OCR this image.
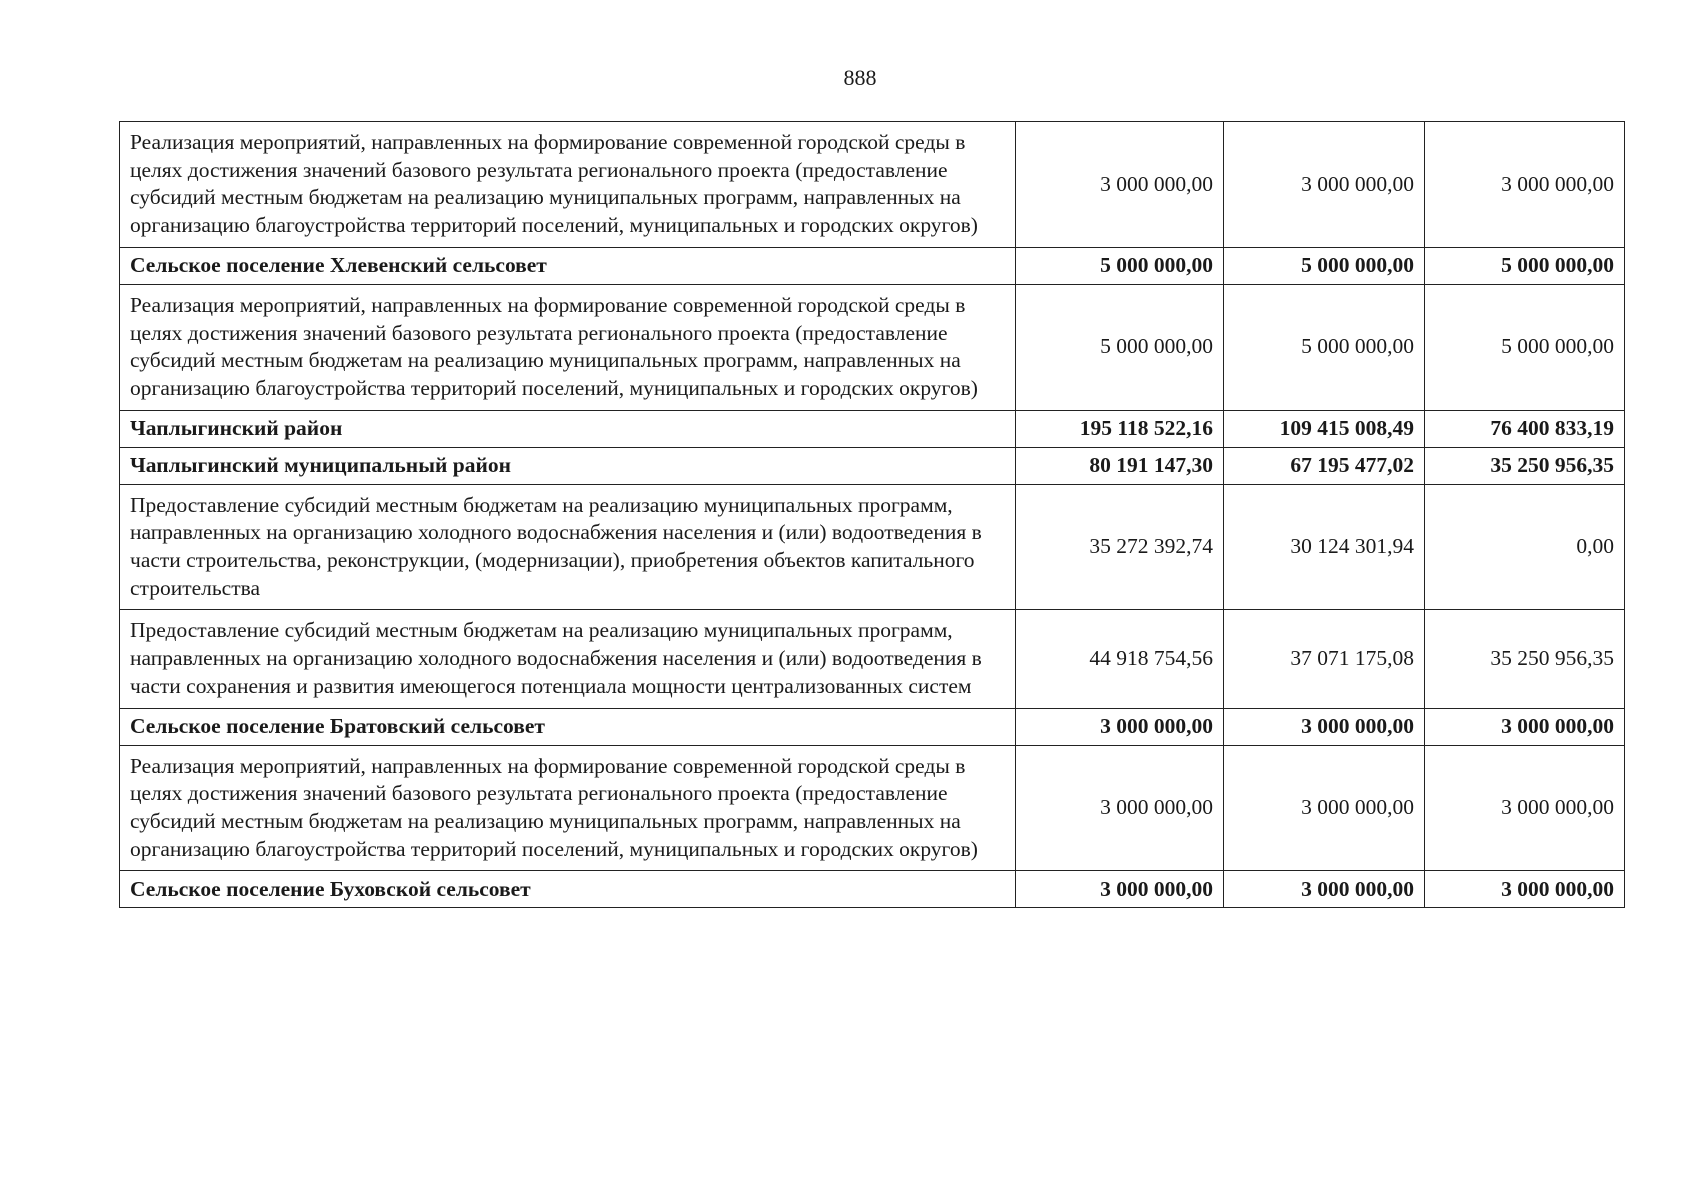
888
Реализация мероприятий, направленных на формирование современной городской среды в целях достижения значений базового результата регионального проекта (предоставление субсидий местным бюджетам на реализацию муниципальных программ, направленных на организацию благоустройства территорий поселений, муниципальных и городских округов)	3 000 000,00	3 000 000,00	3 000 000,00
Сельское поселение Хлевенский сельсовет	5 000 000,00	5 000 000,00	5 000 000,00
Реализация мероприятий, направленных на формирование современной городской среды в целях достижения значений базового результата регионального проекта (предоставление субсидий местным бюджетам на реализацию муниципальных программ, направленных на организацию благоустройства территорий поселений, муниципальных и городских округов)	5 000 000,00	5 000 000,00	5 000 000,00
Чаплыгинский район	195 118 522,16	109 415 008,49	76 400 833,19
Чаплыгинский муниципальный район	80 191 147,30	67 195 477,02	35 250 956,35
Предоставление субсидий местным бюджетам на реализацию муниципальных программ, направленных на организацию холодного водоснабжения населения и (или) водоотведения в части строительства, реконструкции, (модернизации), приобретения объектов капитального строительства	35 272 392,74	30 124 301,94	0,00
Предоставление субсидий местным бюджетам на реализацию муниципальных программ, направленных на организацию холодного водоснабжения населения и (или) водоотведения в части сохранения и развития имеющегося потенциала мощности централизованных систем	44 918 754,56	37 071 175,08	35 250 956,35
Сельское поселение Братовский сельсовет	3 000 000,00	3 000 000,00	3 000 000,00
Реализация мероприятий, направленных на формирование современной городской среды в целях достижения значений базового результата регионального проекта (предоставление субсидий местным бюджетам на реализацию муниципальных программ, направленных на организацию благоустройства территорий поселений, муниципальных и городских округов)	3 000 000,00	3 000 000,00	3 000 000,00
Сельское поселение Буховской сельсовет	3 000 000,00	3 000 000,00	3 000 000,00
